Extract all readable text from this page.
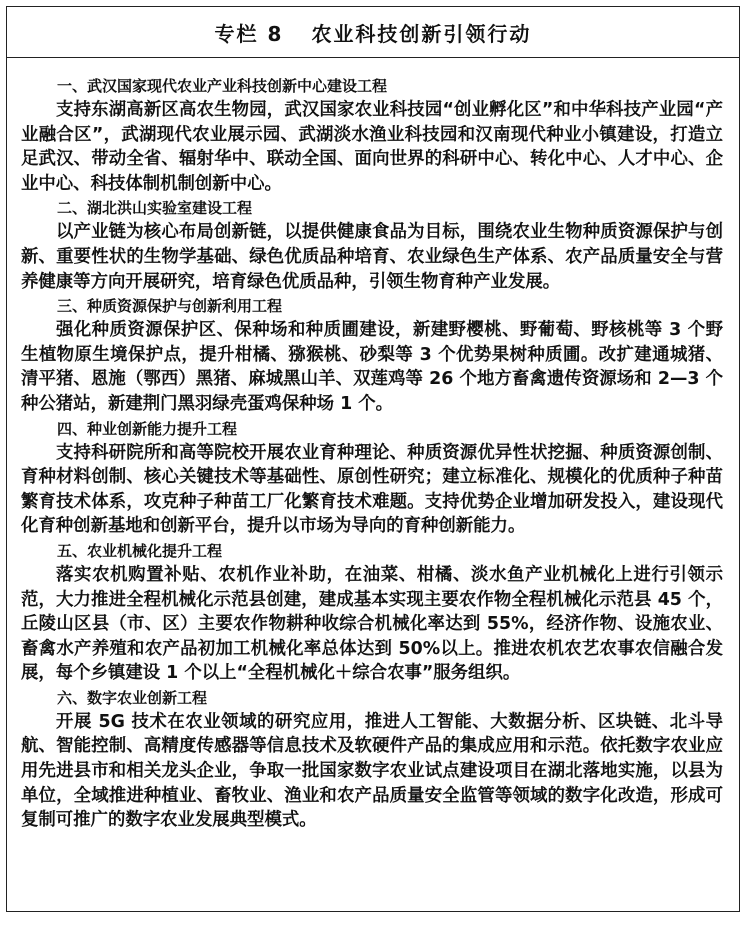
专栏 8 农业科技创新引领行动

一、武汉国家现代农业产业科技创新中心建设工程

支持东湖高新区高农生物园，武汉国家农业科技园“创业孵化区”和中华科技产业园“产业融合区”，武湖现代农业展示园、武湖淡水渔业科技园和汉南现代种业小镇建设，打造立足武汉、带动全省、辐射华中、联动全国、面向世界的科研中心、转化中心、人才中心、企业中心、科技体制机制创新中心。

二、湖北洪山实验室建设工程

以产业链为核心布局创新链，以提供健康食品为目标，围绕农业生物种质资源保护与创新、重要性状的生物学基础、绿色优质品种培育、农业绿色生产体系、农产品质量安全与营养健康等方向开展研究，培育绿色优质品种，引领生物育种产业发展。

三、种质资源保护与创新利用工程

强化种质资源保护区、保种场和种质圃建设，新建野樱桃、野葡萄、野核桃等 3 个野生植物原生境保护点，提升柑橘、猕猴桃、砂梨等 3 个优势果树种质圃。改扩建通城猪、清平猪、恩施（鄂西）黑猪、麻城黑山羊、双莲鸡等 26 个地方畜禽遗传资源场和 2—3 个种公猪站，新建荆门黑羽绿壳蛋鸡保种场 1 个。

四、种业创新能力提升工程

支持科研院所和高等院校开展农业育种理论、种质资源优异性状挖掘、种质资源创制、育种材料创制、核心关键技术等基础性、原创性研究；建立标准化、规模化的优质种子种苗繁育技术体系，攻克种子种苗工厂化繁育技术难题。支持优势企业增加研发投入，建设现代化育种创新基地和创新平台，提升以市场为导向的育种创新能力。

五、农业机械化提升工程

落实农机购置补贴、农机作业补助，在油菜、柑橘、淡水鱼产业机械化上进行引领示范，大力推进全程机械化示范县创建，建成基本实现主要农作物全程机械化示范县 45 个，丘陵山区县（市、区）主要农作物耕种收综合机械化率达到 55%，经济作物、设施农业、畜禽水产养殖和农产品初加工机械化率总体达到 50%以上。推进农机农艺农事农信融合发展，每个乡镇建设 1 个以上“全程机械化＋综合农事”服务组织。

六、数字农业创新工程

开展 5G 技术在农业领域的研究应用，推进人工智能、大数据分析、区块链、北斗导航、智能控制、高精度传感器等信息技术及软硬件产品的集成应用和示范。依托数字农业应用先进县市和相关龙头企业，争取一批国家数字农业试点建设项目在湖北落地实施，以县为单位，全域推进种植业、畜牧业、渔业和农产品质量安全监管等领域的数字化改造，形成可复制可推广的数字农业发展典型模式。
